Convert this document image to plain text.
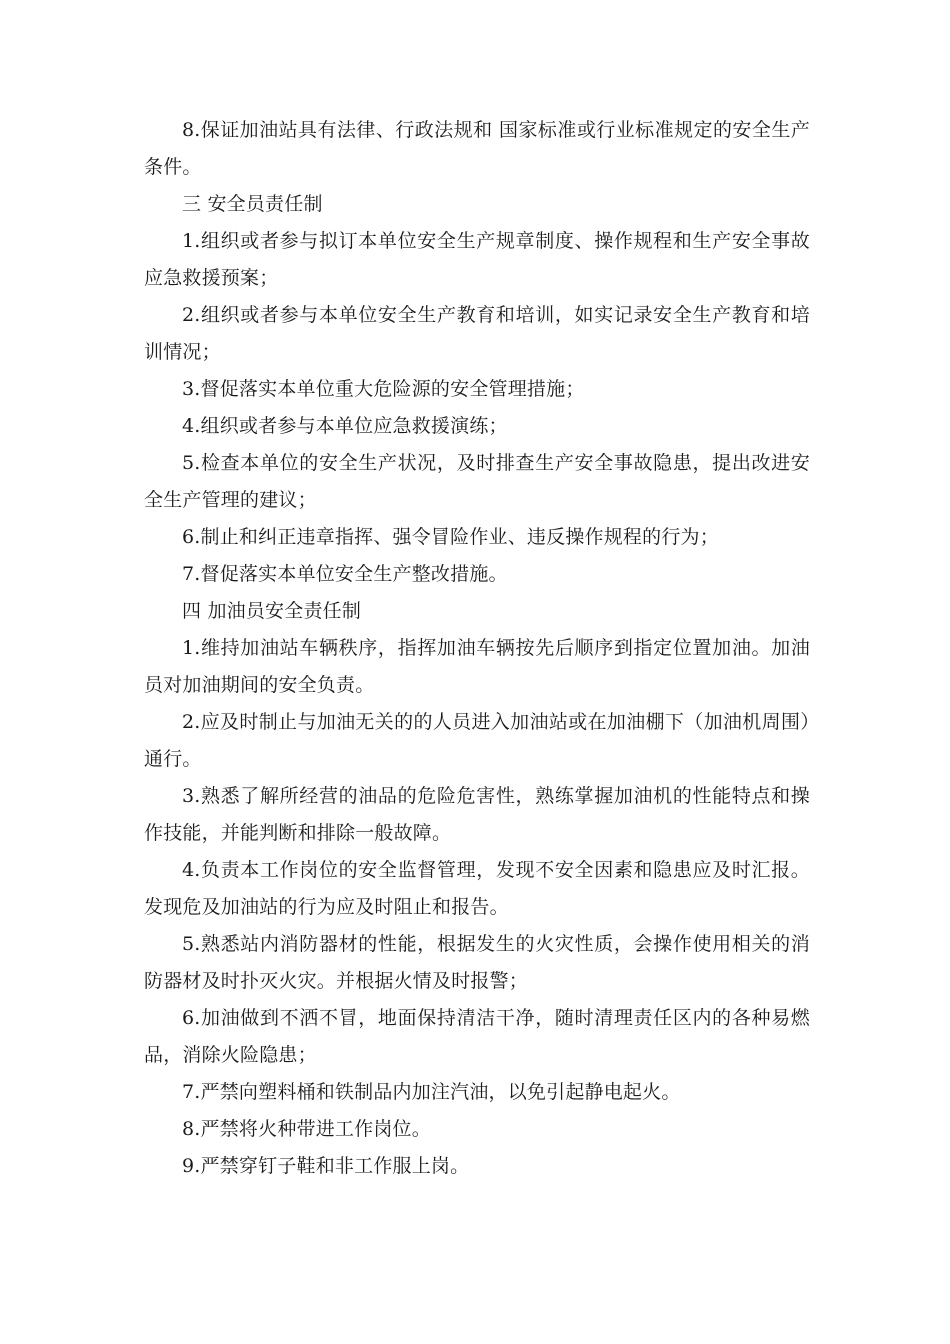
8.保证加油站具有法律、行政法规和 国家标准或行业标准规定的安全生产条件。

三 安全员责任制

1.组织或者参与拟订本单位安全生产规章制度、操作规程和生产安全事故应急救援预案；

2.组织或者参与本单位安全生产教育和培训，如实记录安全生产教育和培训情况；

3.督促落实本单位重大危险源的安全管理措施；

4.组织或者参与本单位应急救援演练；

5.检查本单位的安全生产状况，及时排查生产安全事故隐患，提出改进安全生产管理的建议；

6.制止和纠正违章指挥、强令冒险作业、违反操作规程的行为；

7.督促落实本单位安全生产整改措施。

四 加油员安全责任制

1.维持加油站车辆秩序，指挥加油车辆按先后顺序到指定位置加油。加油员对加油期间的安全负责。

2.应及时制止与加油无关的的人员进入加油站或在加油棚下（加油机周围）通行。

3.熟悉了解所经营的油品的危险危害性，熟练掌握加油机的性能特点和操作技能，并能判断和排除一般故障。

4.负责本工作岗位的安全监督管理，发现不安全因素和隐患应及时汇报。发现危及加油站的行为应及时阻止和报告。

5.熟悉站内消防器材的性能，根据发生的火灾性质，会操作使用相关的消防器材及时扑灭火灾。并根据火情及时报警；

6.加油做到不洒不冒，地面保持清洁干净，随时清理责任区内的各种易燃品，消除火险隐患；

7.严禁向塑料桶和铁制品内加注汽油，以免引起静电起火。

8.严禁将火种带进工作岗位。

9.严禁穿钉子鞋和非工作服上岗。
